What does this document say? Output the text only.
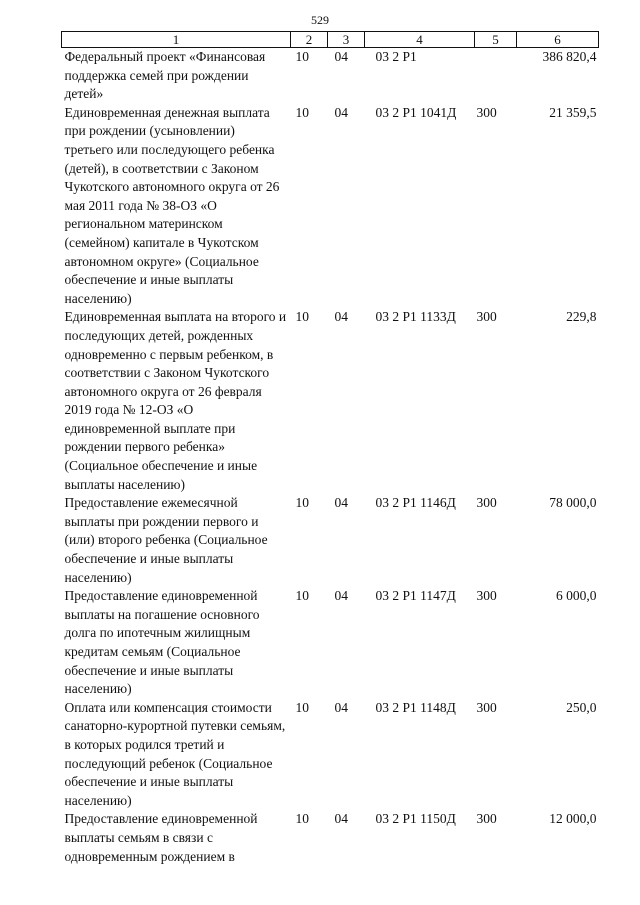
529
1	2	3	4	5	6
Федеральный проект «Финансовая поддержка семей при рождении детей»	10	04	03 2 P1		386 820,4
Единовременная денежная выплата при рождении (усыновлении) третьего или последующего ребенка (детей), в соответствии с Законом Чукотского автономного округа от 26 мая 2011 года № 38-ОЗ «О региональном материнском (семейном) капитале в Чукотском автономном округе» (Социальное обеспечение и иные выплаты населению)	10	04	03 2 P1 1041Д	300	21 359,5
Единовременная выплата на второго и последующих детей, рожденных одновременно с первым ребенком, в соответствии с Законом Чукотского автономного округа от 26 февраля 2019 года № 12-ОЗ «О единовременной выплате при рождении первого ребенка» (Социальное обеспечение и иные выплаты населению)	10	04	03 2 P1 1133Д	300	229,8
Предоставление ежемесячной выплаты при рождении первого и (или) второго ребенка (Социальное обеспечение и иные выплаты населению)	10	04	03 2 P1 1146Д	300	78 000,0
Предоставление единовременной выплаты на погашение основного долга по ипотечным жилищным кредитам семьям (Социальное обеспечение и иные выплаты населению)	10	04	03 2 P1 1147Д	300	6 000,0
Оплата или компенсация стоимости санаторно-курортной путевки семьям, в которых родился третий и последующий ребенок (Социальное обеспечение и иные выплаты населению)	10	04	03 2 P1 1148Д	300	250,0
Предоставление единовременной выплаты семьям в связи с одновременным рождением в	10	04	03 2 P1 1150Д	300	12 000,0
